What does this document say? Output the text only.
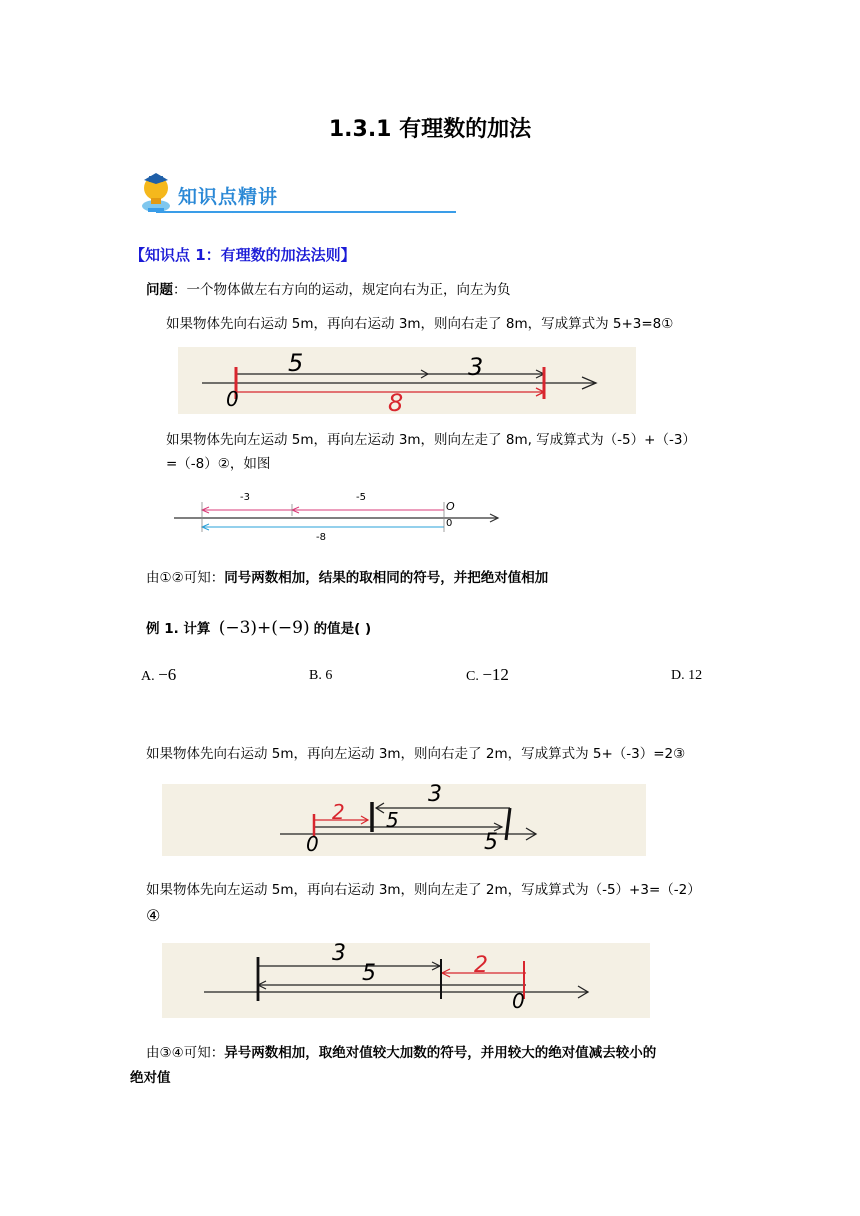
1.3.1 有理数的加法
知识点精讲
【知识点 1：有理数的加法法则】
问题：一个物体做左右方向的运动，规定向右为正，向左为负
如果物体先向右运动 5m，再向右运动 3m，则向右走了 8m，写成算式为 5+3=8①
5	3
0	8
如果物体先向左运动 5m，再向左运动 3m，则向左走了 8m, 写成算式为（-5）+（-3）
=（-8）②，如图
-3	-5
O
0
-8
由①②可知：同号两数相加，结果的取相同的符号，并把绝对值相加
例 1. 计算 (−3)+(−9) 的值是( )
A. −6	B. 6	C. −12	D. 12
如果物体先向右运动 5m，再向左运动 3m，则向右走了 2m，写成算式为 5+（-3）=2③
3
2 5
0	5
如果物体先向左运动 5m，再向右运动 3m，则向左走了 2m，写成算式为（-5）+3=（-2）
④
3
5	2
0
由③④可知：异号两数相加，取绝对值较大加数的符号，并用较大的绝对值减去较小的
绝对值
